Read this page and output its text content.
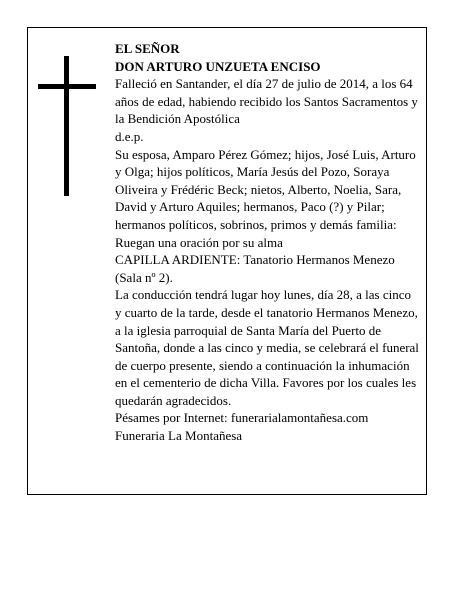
EL SEÑOR

DON ARTURO UNZUETA ENCISO

Falleció en Santander, el día 27 de julio de 2014, a los 64 años de edad, habiendo recibido los Santos Sacramentos y la Bendición Apostólica

d.e.p.

Su esposa, Amparo Pérez Gómez; hijos, José Luis, Arturo y Olga; hijos políticos, María Jesús del Pozo, Soraya Oliveira y Frédéric Beck; nietos, Alberto, Noelia, Sara, David y Arturo Aquiles; hermanos, Paco (?) y Pilar; hermanos políticos, sobrinos, primos y demás familia:

Ruegan una oración por su alma

CAPILLA ARDIENTE: Tanatorio Hermanos Menezo (Sala nº 2).

La conducción tendrá lugar hoy lunes, día 28, a las cinco y cuarto de la tarde, desde el tanatorio Hermanos Menezo, a la iglesia parroquial de Santa María del Puerto de Santoña, donde a las cinco y media, se celebrará el funeral de cuerpo presente, siendo a continuación la inhumación en el cementerio de dicha Villa. Favores por los cuales les quedarán agradecidos.

Pésames por Internet: funerarialamontañesa.com

Funeraria La Montañesa
